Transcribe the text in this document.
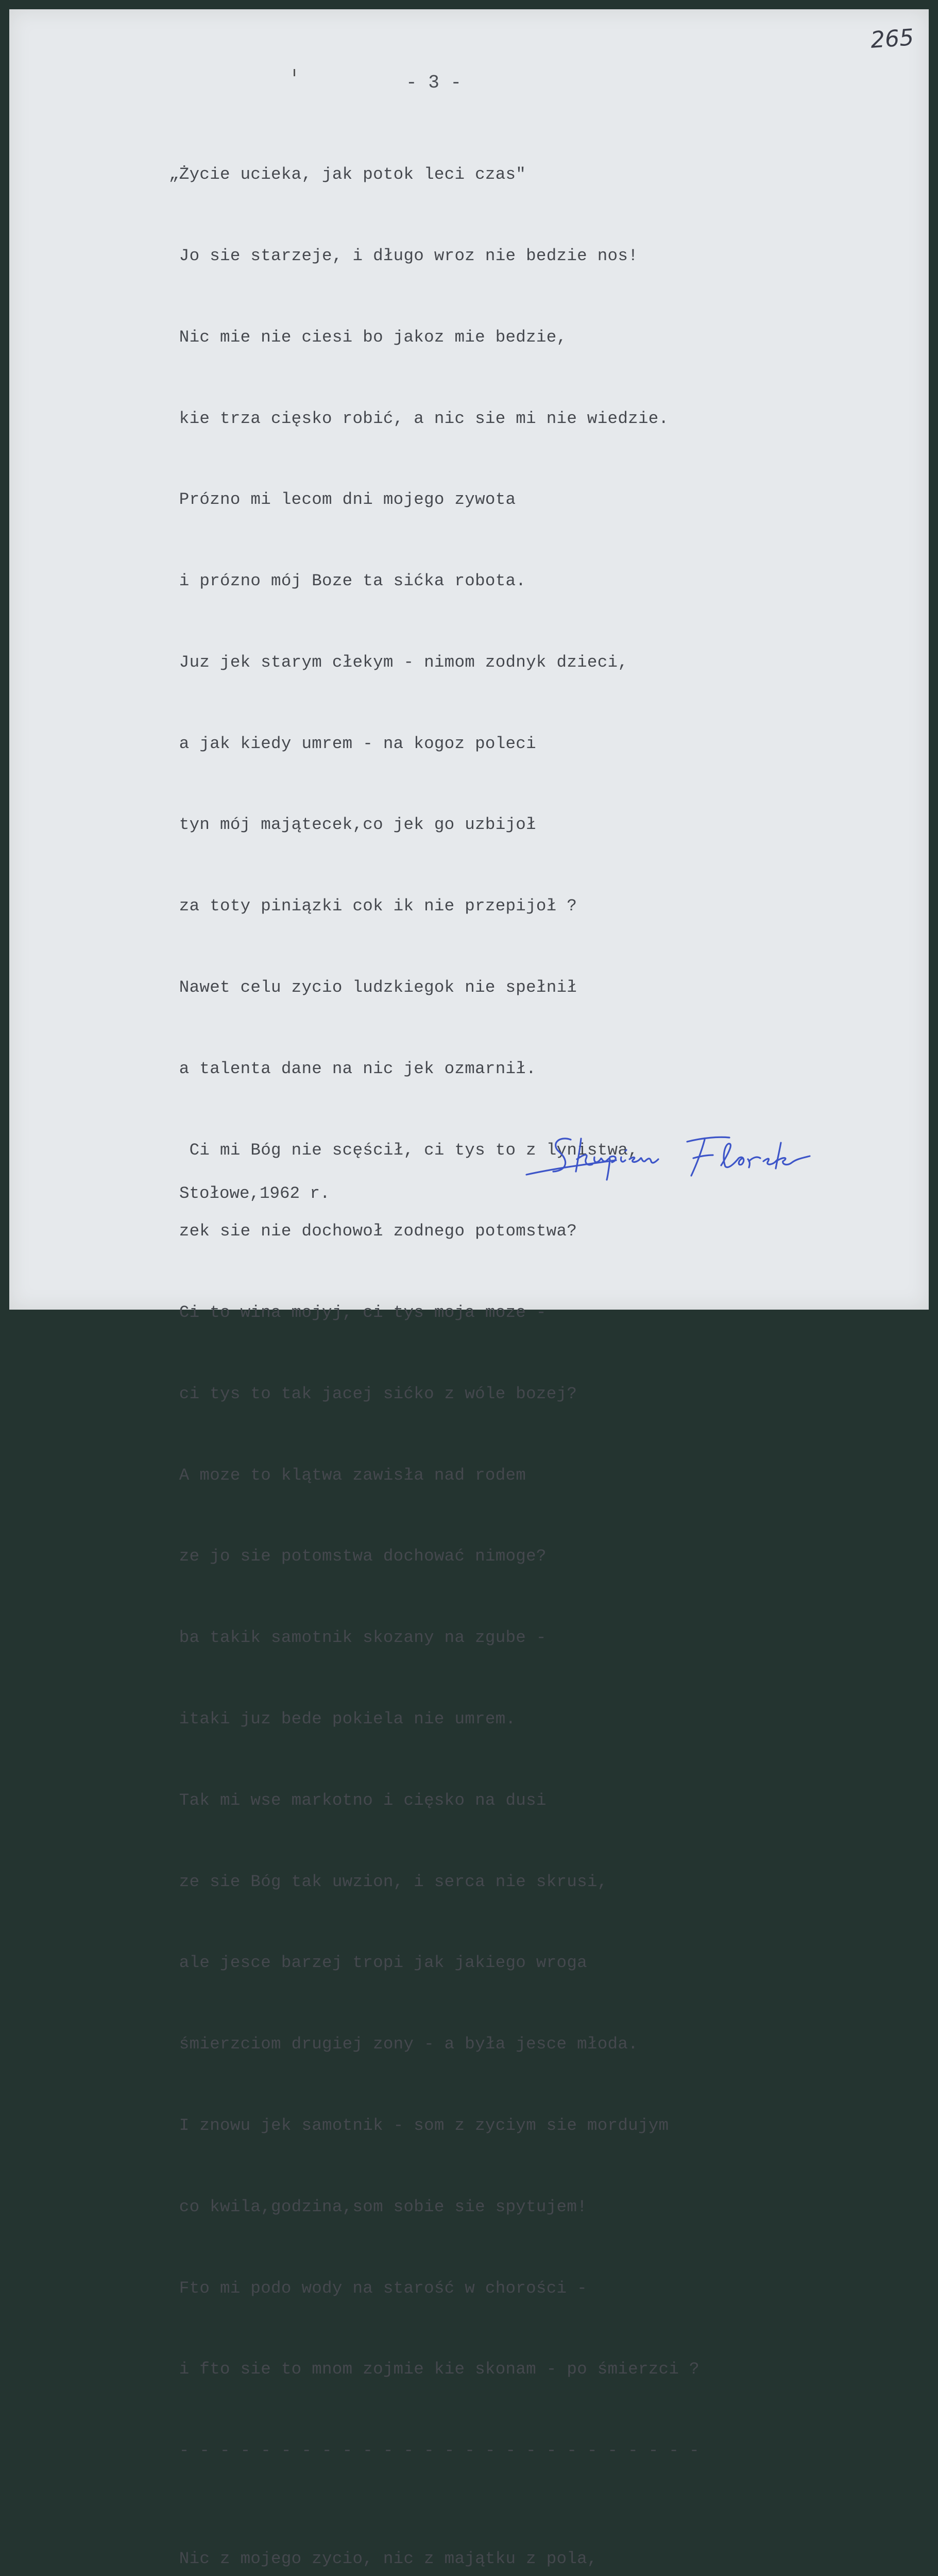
265
- 3 -

„Życie ucieka, jak potok leci czas"

Jo sie starzeje, i długo wroz nie bedzie nos!

Nic mie nie ciesi bo jakoz mie bedzie,

kie trza cięsko robić, a nic sie mi nie wiedzie.

Prózno mi lecom dni mojego zywota

i prózno mój Boze ta sićka robota.

Juz jek starym cłekym - nimom zodnyk dzieci,

a jak kiedy umrem - na kogoz poleci

tyn mój majątecek,co jek go uzbijoł

za toty piniązki cok ik nie przepijoł ?

Nawet celu zycio ludzkiegok nie spełnił

a talenta dane na nic jek ozmarnił.

Ci mi Bóg nie scęścił, ci tys to z lynistwa,

zek sie nie dochowoł zodnego potomstwa?

Ci to wina mojyj, ci tys moja moze -

ci tys to tak jacej sićko z wóle bozej?

A moze to klątwa zawisła nad rodem

ze jo sie potomstwa dochować nimoge?

ba takik samotnik skozany na zgube -

itaki juz bede pokiela nie umrem.

Tak mi wse markotno i cięsko na dusi

ze sie Bóg tak uwzion, i serca nie skrusi,

ale jesce barzej tropi jak jakiego wroga

śmierzciom drugiej zony - a była jesce młoda.

I znowu jek samotnik - som z zyciym sie mordujym

co kwila,godzina,som sobie sie spytujem!

Fto mi podo wody na starość w chorości -

i fto sie to mnom zojmie kie skonam - po śmierzci ?

- - - - - - - - - - - - - - - - - - - - - - - - - -

Nic z mojego zycio, nic z majątku z pola,

Stołowe,1962 r.
